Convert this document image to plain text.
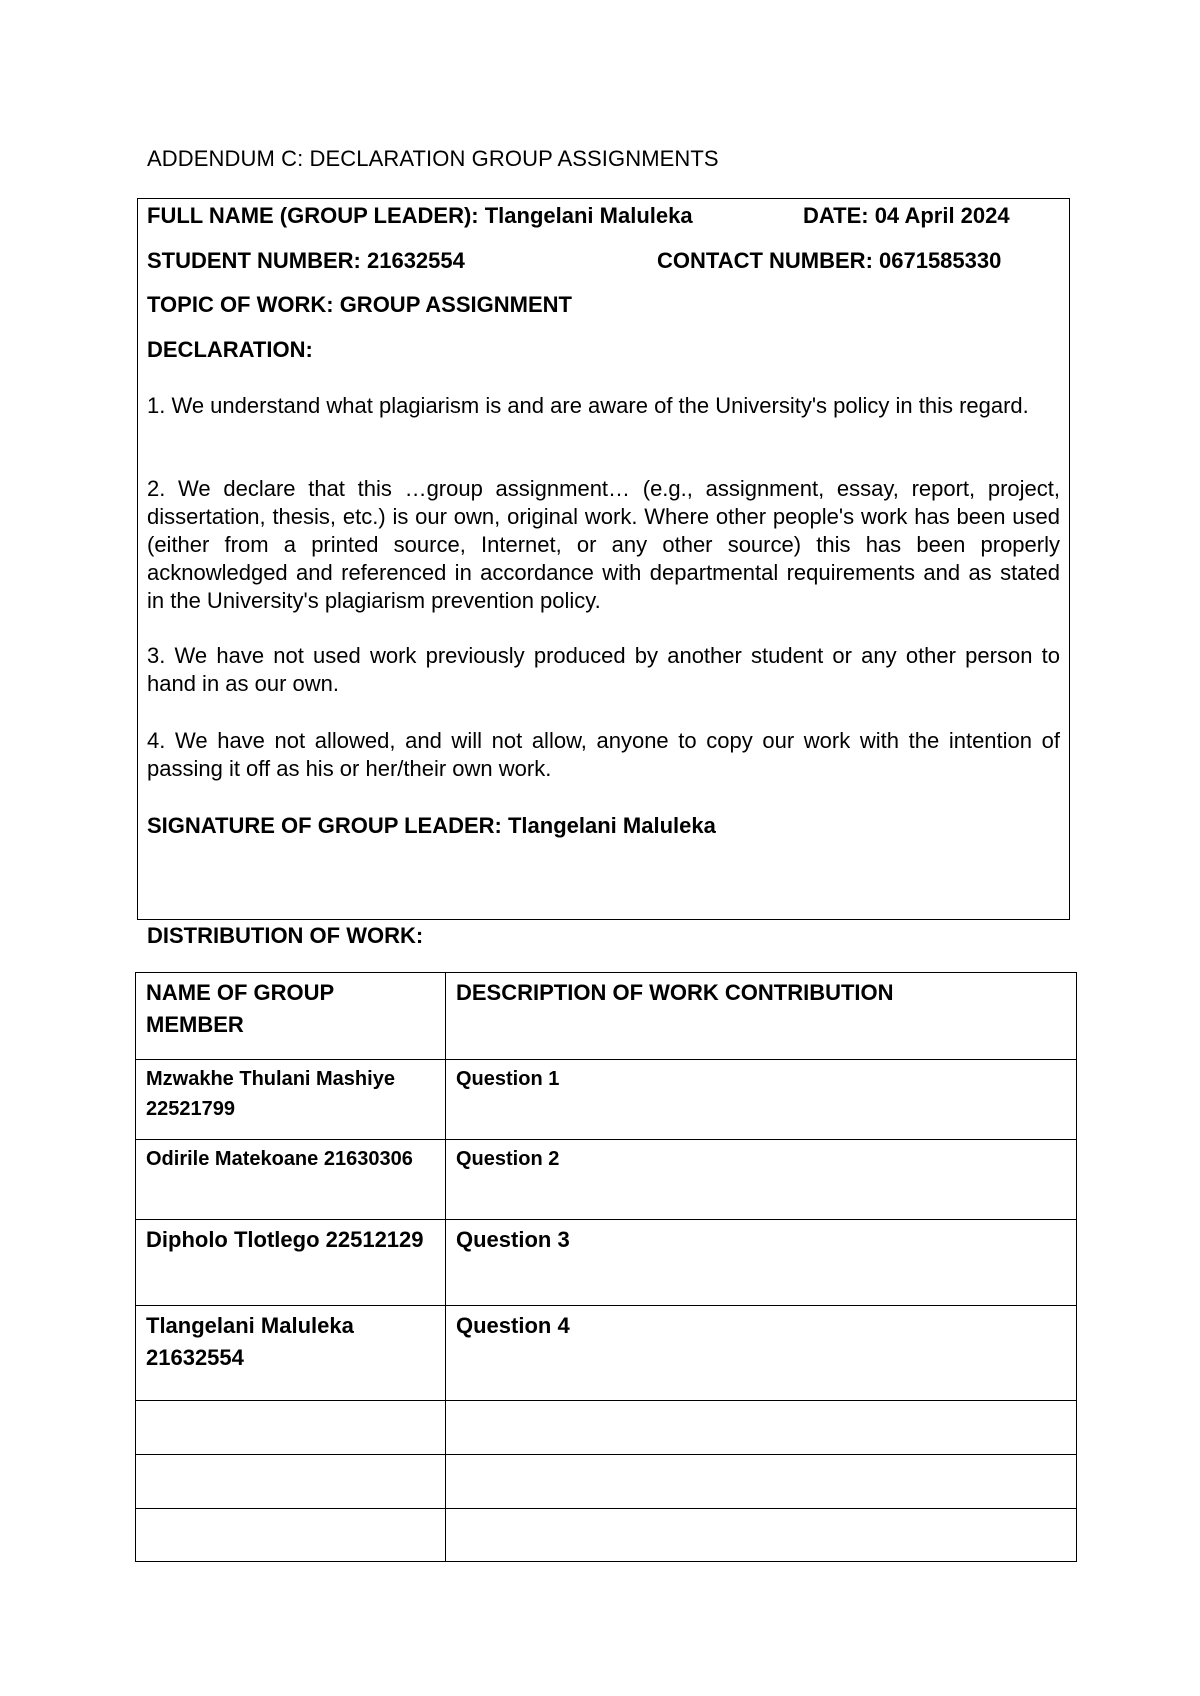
ADDENDUM C: DECLARATION GROUP ASSIGNMENTS
FULL NAME (GROUP LEADER): Tlangelani Maluleka	DATE: 04 April 2024
STUDENT NUMBER: 21632554	CONTACT NUMBER: 0671585330
TOPIC OF WORK: GROUP ASSIGNMENT
DECLARATION:
1. We understand what plagiarism is and are aware of the University's policy in this regard.
2. We declare that this …group assignment… (e.g., assignment, essay, report, project, dissertation, thesis, etc.) is our own, original work. Where other people's work has been used (either from a printed source, Internet, or any other source) this has been properly acknowledged and referenced in accordance with departmental requirements and as stated in the University's plagiarism prevention policy.
3. We have not used work previously produced by another student or any other person to hand in as our own.
4. We have not allowed, and will not allow, anyone to copy our work with the intention of passing it off as his or her/their own work.
SIGNATURE OF GROUP LEADER: Tlangelani Maluleka
DISTRIBUTION OF WORK:
NAME OF GROUP MEMBER	DESCRIPTION OF WORK CONTRIBUTION
Mzwakhe Thulani Mashiye 22521799	Question 1
Odirile Matekoane 21630306	Question 2
Dipholo Tlotlego 22512129	Question 3
Tlangelani Maluleka 21632554	Question 4
